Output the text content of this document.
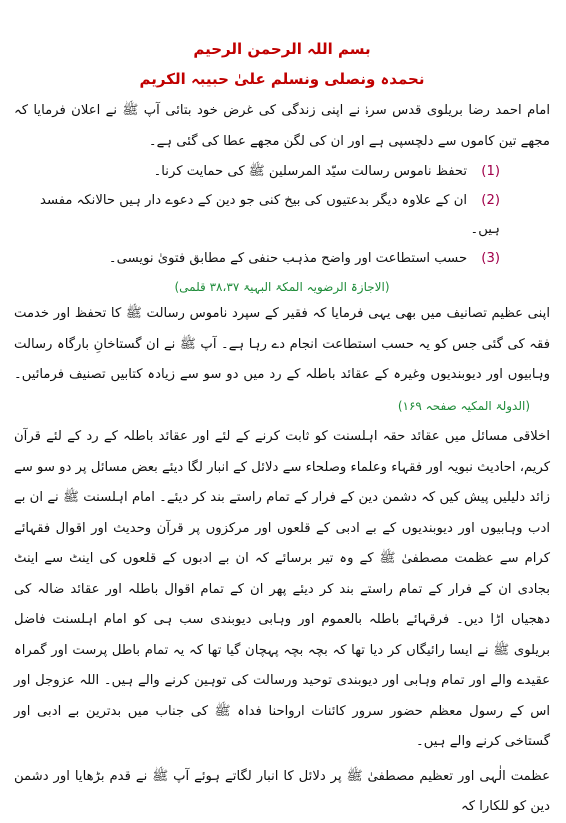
بسم اللہ الرحمن الرحیم

نحمدہ ونصلی ونسلم علیٰ حبیبہ الکریم

امام احمد رضا بریلوی قدس سرہٗ نے اپنی زندگی کی غرض خود بتائی آپ ﷺ نے اعلان فرمایا کہ مجھے تین کاموں سے دلچسپی ہے اور ان کی لگن مجھے عطا کی گئی ہے۔

(1) تحفظ ناموس رسالت سیّد المرسلین ﷺ کی حمایت کرنا۔

(2) ان کے علاوہ دیگر بدعتیوں کی بیخ کنی جو دین کے دعوے دار ہیں حالانکہ مفسد ہیں۔

(3) حسب استطاعت اور واضح مذہب حنفی کے مطابق فتویٰ نویسی۔

(الاجازۃ الرضویہ المکۃ البہیۃ ۳۸،۳۷ قلمی)

اپنی عظیم تصانیف میں بھی یہی فرمایا کہ فقیر کے سپرد ناموس رسالت ﷺ کا تحفظ اور خدمت فقہ کی گئی جس کو یہ حسب استطاعت انجام دے رہا ہے۔ آپ ﷺ نے ان گستاخانِ بارگاہ رسالت وہابیوں اور دیوبندیوں وغیرہ کے عقائد باطلہ کے رد میں دو سو سے زیادہ کتابیں تصنیف فرمائیں۔ (الدولۃ المکیہ صفحہ ۱۶۹)

اخلاقی مسائل میں عقائد حقہ اہلسنت کو ثابت کرنے کے لئے اور عقائد باطلہ کے رد کے لئے قرآن کریم، احادیث نبویہ اور فقہاء وعلماء وصلحاء سے دلائل کے انبار لگا دیئے بعض مسائل پر دو سو سے زائد دلیلیں پیش کیں کہ دشمن دین کے فرار کے تمام راستے بند کر دیئے۔ امام اہلسنت ﷺ نے ان بے ادب وہابیوں اور دیوبندیوں کے بے ادبی کے قلعوں اور مرکزوں پر قرآن وحدیث اور اقوال فقہائے کرام سے عظمت مصطفیٰ ﷺ کے وہ تیر برسائے کہ ان بے ادبوں کے قلعوں کی اینٹ سے اینٹ بجادی ان کے فرار کے تمام راستے بند کر دیئے پھر ان کے تمام اقوال باطلہ اور عقائد ضالہ کی دھجیاں اڑا دیں۔ فرقہائے باطلہ بالعموم اور وہابی دیوبندی سب ہی کو امام اہلسنت فاضل بریلوی ﷺ نے ایسا رائیگاں کر دیا تھا کہ بچہ بچہ پہچان گیا تھا کہ یہ تمام باطل پرست اور گمراہ عقیدے والے اور تمام وہابی اور دیوبندی توحید ورسالت کی توہین کرنے والے ہیں۔ اللہ عزوجل اور اس کے رسول معظم حضور سرور کائنات ارواحنا فداہ ﷺ کی جناب میں بدترین بے ادبی اور گستاخی کرنے والے ہیں۔

عظمت الٰہی اور تعظیم مصطفیٰ ﷺ پر دلائل کا انبار لگاتے ہوئے آپ ﷺ نے قدم بڑھایا اور دشمن دین کو للکارا کہ
